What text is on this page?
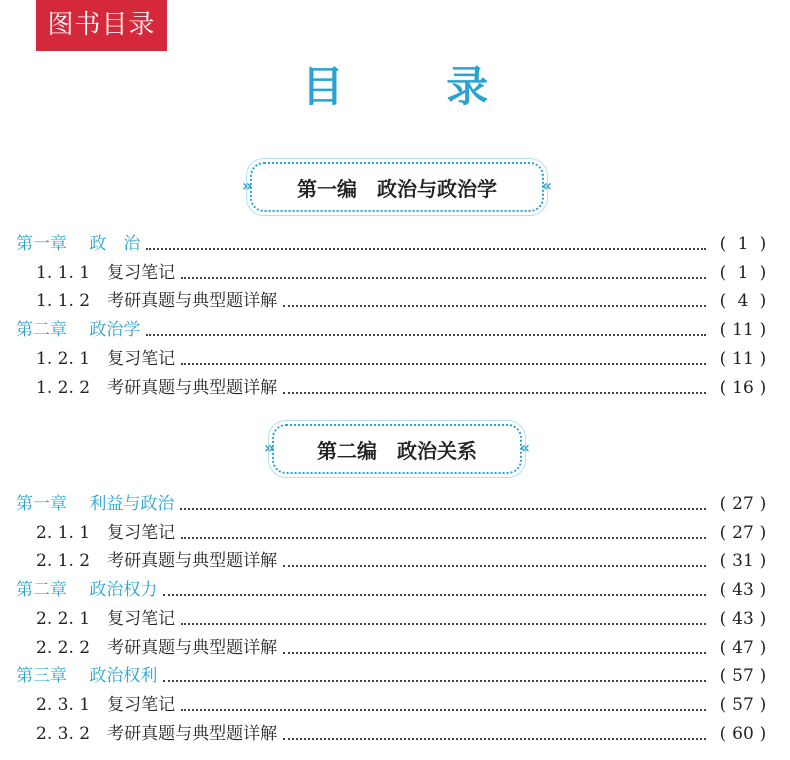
图书目录
目 录
» 第一编　政治与政治学
«
第一章　 政　治	( 1 )
1. 1. 1　复习笔记	( 1 )
1. 1. 2　考研真题与典型题详解	( 4 )
第二章　 政治学	( 11 )
1. 2. 1　复习笔记	( 11 )
1. 2. 2　考研真题与典型题详解	( 16 )
» 第二编　政治关系
«
第一章　 利益与政治	( 27 )
2. 1. 1　复习笔记	( 27 )
2. 1. 2　考研真题与典型题详解	( 31 )
第二章　 政治权力	( 43 )
2. 2. 1　复习笔记	( 43 )
2. 2. 2　考研真题与典型题详解	( 47 )
第三章　 政治权利	( 57 )
2. 3. 1　复习笔记	( 57 )
2. 3. 2　考研真题与典型题详解	( 60 )
